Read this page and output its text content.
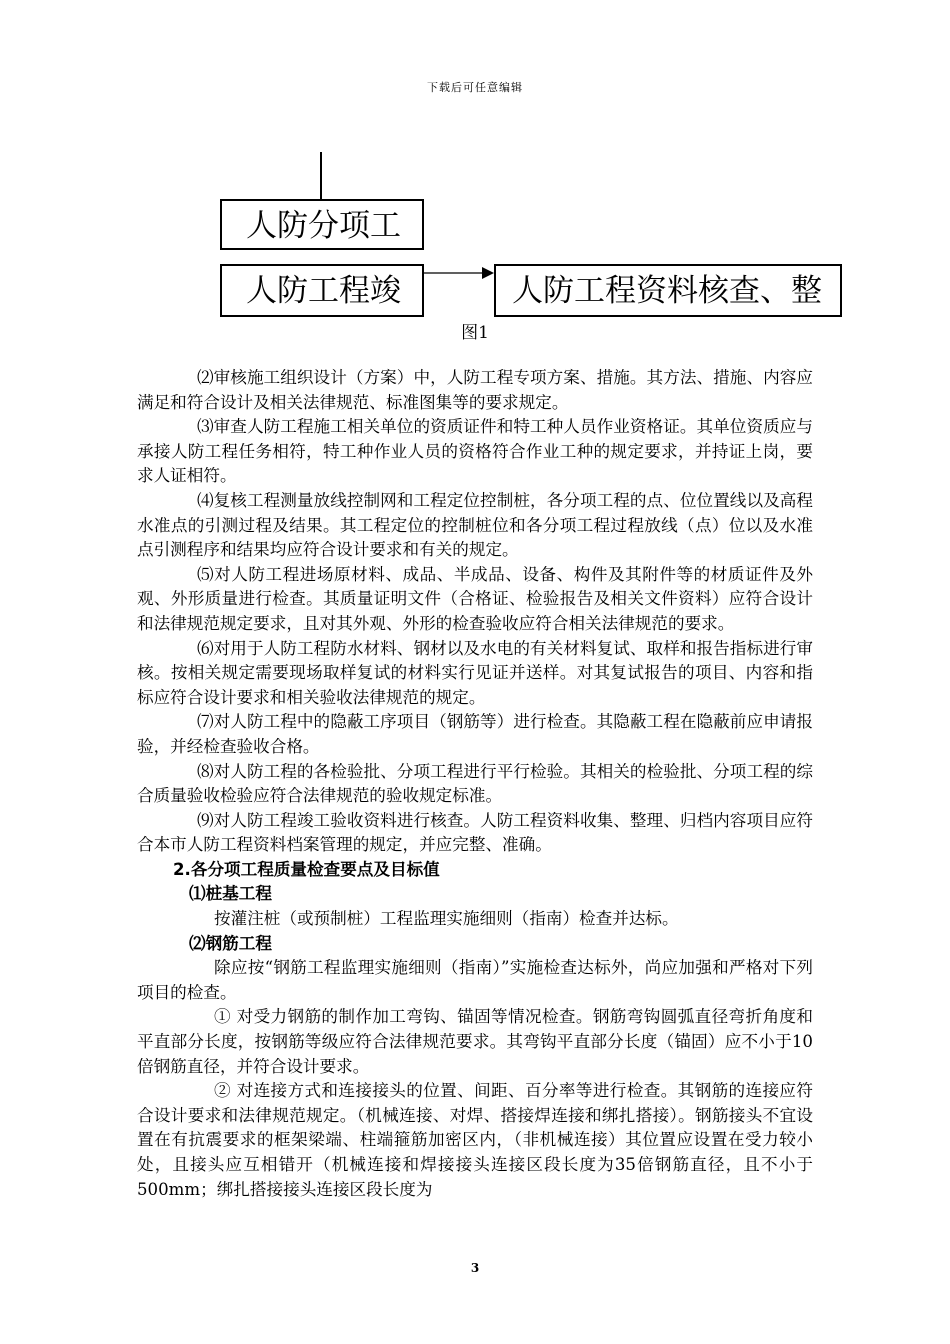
下载后可任意编辑
人防分项工
人防工程竣	人防工程资料核查、整
图1

⑵审核施工组织设计（方案）中，人防工程专项方案、措施。其方法、措施、内容应满足和符合设计及相关法律规范、标准图集等的要求规定。

⑶审查人防工程施工相关单位的资质证件和特工种人员作业资格证。其单位资质应与承接人防工程任务相符，特工种作业人员的资格符合作业工种的规定要求，并持证上岗，要求人证相符。

⑷复核工程测量放线控制网和工程定位控制桩，各分项工程的点、位位置线以及高程水准点的引测过程及结果。其工程定位的控制桩位和各分项工程过程放线（点）位以及水准点引测程序和结果均应符合设计要求和有关的规定。

⑸对人防工程进场原材料、成品、半成品、设备、构件及其附件等的材质证件及外观、外形质量进行检查。其质量证明文件（合格证、检验报告及相关文件资料）应符合设计和法律规范规定要求，且对其外观、外形的检查验收应符合相关法律规范的要求。

⑹对用于人防工程防水材料、钢材以及水电的有关材料复试、取样和报告指标进行审核。按相关规定需要现场取样复试的材料实行见证并送样。对其复试报告的项目、内容和指标应符合设计要求和相关验收法律规范的规定。

⑺对人防工程中的隐蔽工序项目（钢筋等）进行检查。其隐蔽工程在隐蔽前应申请报验，并经检查验收合格。

⑻对人防工程的各检验批、分项工程进行平行检验。其相关的检验批、分项工程的综合质量验收检验应符合法律规范的验收规定标准。

⑼对人防工程竣工验收资料进行核查。人防工程资料收集、整理、归档内容项目应符合本市人防工程资料档案管理的规定，并应完整、准确。

2.各分项工程质量检查要点及目标值

⑴桩基工程

按灌注桩（或预制桩）工程监理实施细则（指南）检查并达标。

⑵钢筋工程

除应按“钢筋工程监理实施细则（指南）”实施检查达标外，尚应加强和严格对下列项目的检查。

① 对受力钢筋的制作加工弯钩、锚固等情况检查。钢筋弯钩圆弧直径弯折角度和平直部分长度，按钢筋等级应符合法律规范要求。其弯钩平直部分长度（锚固）应不小于10倍钢筋直径，并符合设计要求。

② 对连接方式和连接接头的位置、间距、百分率等进行检查。其钢筋的连接应符合设计要求和法律规范规定。（机械连接、对焊、搭接焊连接和绑扎搭接）。钢筋接头不宜设置在有抗震要求的框架梁端、柱端箍筋加密区内，（非机械连接）其位置应设置在受力较小处，且接头应互相错开（机械连接和焊接接头连接区段长度为35倍钢筋直径，且不小于500mm；绑扎搭接接头连接区段长度为

3
